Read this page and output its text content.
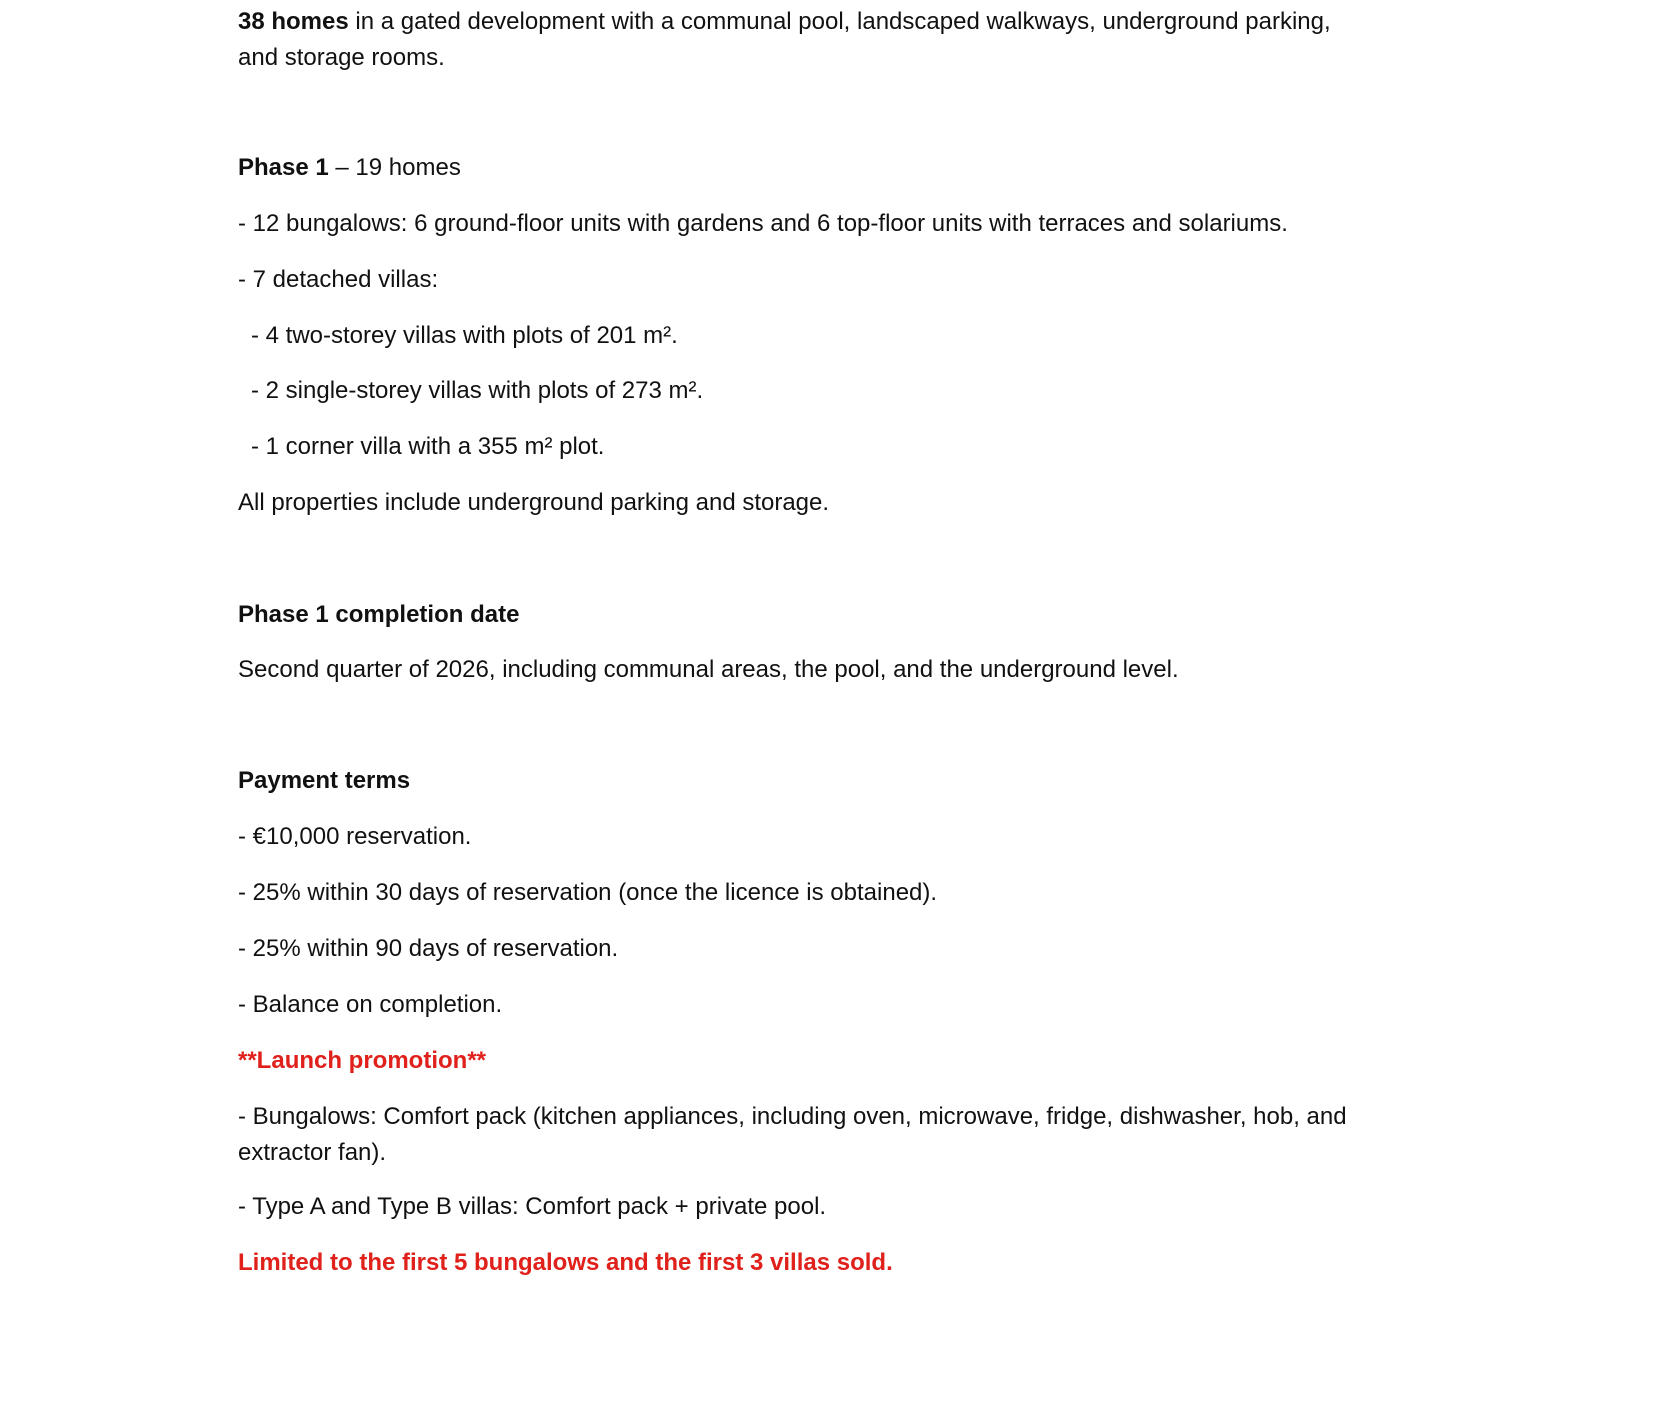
38 homes in a gated development with a communal pool, landscaped walkways, underground parking,
and storage rooms.

Phase 1 – 19 homes

- 12 bungalows: 6 ground-floor units with gardens and 6 top-floor units with terraces and solariums.

- 7 detached villas:

- 4 two-storey villas with plots of 201 m².

- 2 single-storey villas with plots of 273 m².

- 1 corner villa with a 355 m² plot.

All properties include underground parking and storage.

Phase 1 completion date

Second quarter of 2026, including communal areas, the pool, and the underground level.

Payment terms

- €10,000 reservation.

- 25% within 30 days of reservation (once the licence is obtained).

- 25% within 90 days of reservation.

- Balance on completion.

**Launch promotion**

- Bungalows: Comfort pack (kitchen appliances, including oven, microwave, fridge, dishwasher, hob, and
extractor fan).

- Type A and Type B villas: Comfort pack + private pool.

Limited to the first 5 bungalows and the first 3 villas sold.
